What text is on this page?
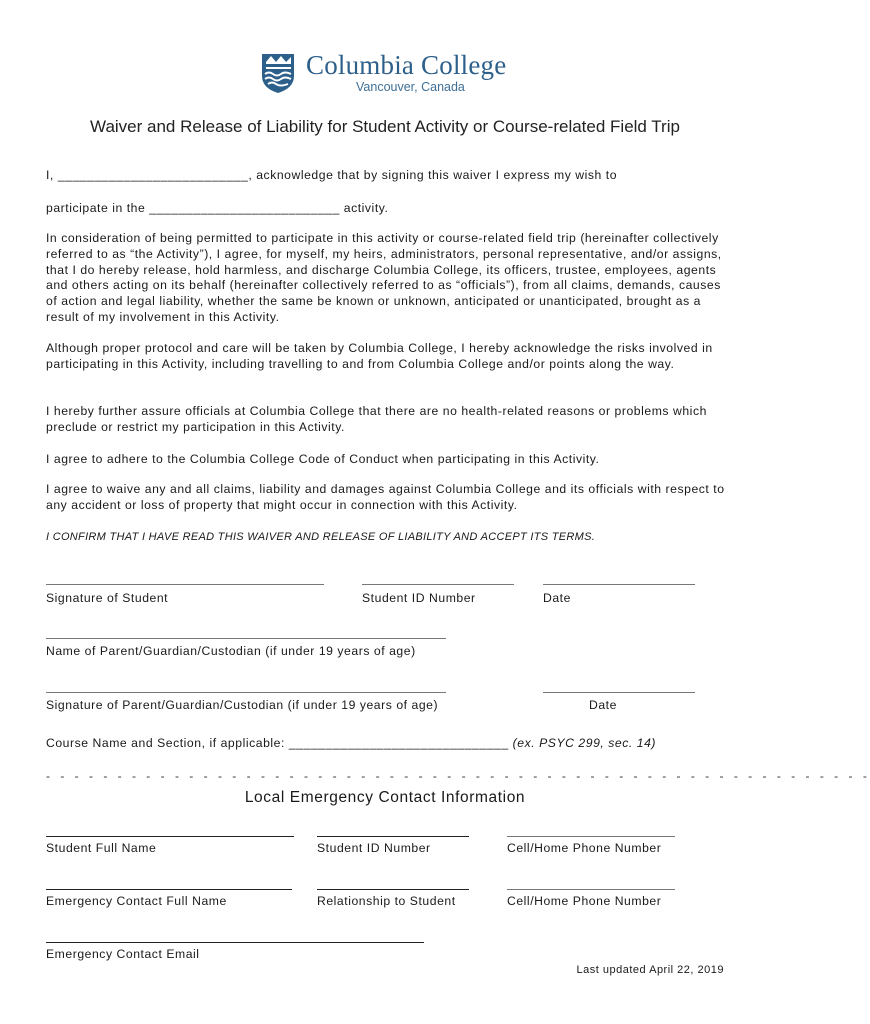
Columbia College
Vancouver, Canada
Waiver and Release of Liability for Student Activity or Course-related Field Trip
I, __________________________, acknowledge that by signing this waiver I express my wish to
participate in the __________________________ activity.
In consideration of being permitted to participate in this activity or course-related field trip (hereinafter collectively referred to as “the Activity”), I agree, for myself, my heirs, administrators, personal representative, and/or assigns, that I do hereby release, hold harmless, and discharge Columbia College, its officers, trustee, employees, agents and others acting on its behalf (hereinafter collectively referred to as “officials”), from all claims, demands, causes of action and legal liability, whether the same be known or unknown, anticipated or unanticipated, brought as a result of my involvement in this Activity.
Although proper protocol and care will be taken by Columbia College, I hereby acknowledge the risks involved in participating in this Activity, including travelling to and from Columbia College and/or points along the way.
I hereby further assure officials at Columbia College that there are no health-related reasons or problems which preclude or restrict my participation in this Activity.
I agree to adhere to the Columbia College Code of Conduct when participating in this Activity.
I agree to waive any and all claims, liability and damages against Columbia College and its officials with respect to any accident or loss of property that might occur in connection with this Activity.
I CONFIRM THAT I HAVE READ THIS WAIVER AND RELEASE OF LIABILITY AND ACCEPT ITS TERMS.
Signature of Student	Student ID Number	Date
Name of Parent/Guardian/Custodian (if under 19 years of age)
Signature of Parent/Guardian/Custodian (if under 19 years of age)	Date
Course Name and Section, if applicable: ______________________________ (ex. PSYC 299, sec. 14)
- - - - - - - - - - - - - - - - - - - - - - - - - - - - - - - - - - - - - - - - - - - - - - - - - - - - - - - - - -
Local Emergency Contact Information
Student Full Name	Student ID Number	Cell/Home Phone Number
Emergency Contact Full Name	Relationship to Student	Cell/Home Phone Number
Emergency Contact Email
Last updated April 22, 2019
